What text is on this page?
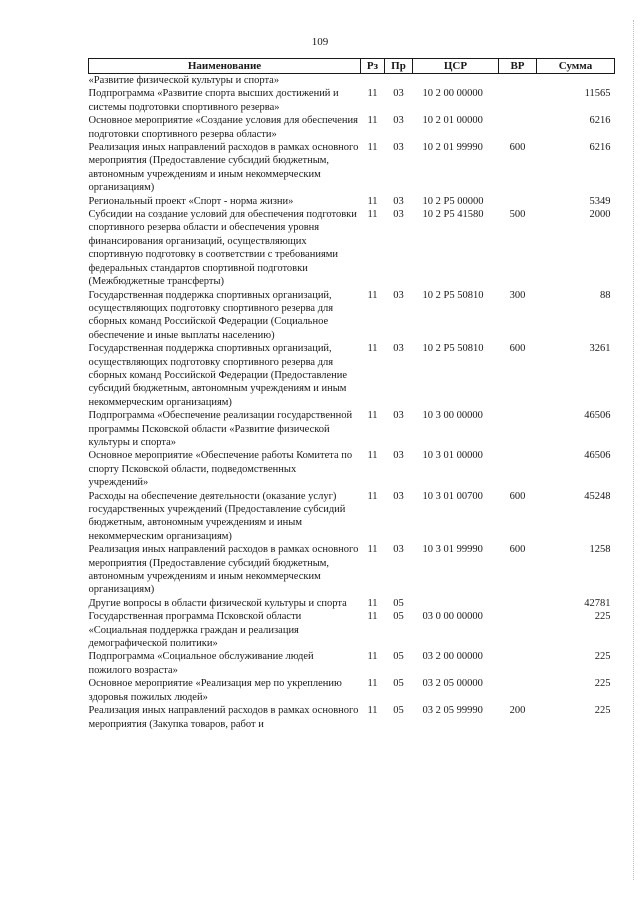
109
Наименование	Рз	Пр	ЦСР	ВР	Сумма
«Развитие физической культуры и спорта»					
Подпрограмма «Развитие спорта высших достижений и системы подготовки спортивного резерва»	11	03	10 2 00 00000		11565
Основное мероприятие «Создание условия для обеспечения подготовки спортивного резерва области»	11	03	10 2 01 00000		6216
Реализация иных направлений расходов в рамках основного мероприятия (Предоставление субсидий бюджетным, автономным учреждениям и иным некоммерческим организациям)	11	03	10 2 01 99990	600	6216
Региональный проект «Спорт - норма жизни»	11	03	10 2 P5 00000		5349
Субсидии на создание условий для обеспечения подготовки спортивного резерва области и обеспечения уровня финансирования организаций, осуществляющих спортивную подготовку в соответствии с требованиями федеральных стандартов спортивной подготовки (Межбюджетные трансферты)	11	03	10 2 P5 41580	500	2000
Государственная поддержка спортивных организаций, осуществляющих подготовку спортивного резерва для сборных команд Российской Федерации (Социальное обеспечение и иные выплаты населению)	11	03	10 2 P5 50810	300	88
Государственная поддержка спортивных организаций, осуществляющих подготовку спортивного резерва для сборных команд Российской Федерации (Предоставление субсидий бюджетным, автономным учреждениям и иным некоммерческим организациям)	11	03	10 2 P5 50810	600	3261
Подпрограмма «Обеспечение реализации государственной программы Псковской области «Развитие физической культуры и спорта»	11	03	10 3 00 00000		46506
Основное мероприятие «Обеспечение работы Комитета по спорту Псковской области, подведомственных учреждений»	11	03	10 3 01 00000		46506
Расходы на обеспечение деятельности (оказание услуг) государственных учреждений (Предоставление субсидий бюджетным, автономным учреждениям и иным некоммерческим организациям)	11	03	10 3 01 00700	600	45248
Реализация иных направлений расходов в рамках основного мероприятия (Предоставление субсидий бюджетным, автономным учреждениям и иным некоммерческим организациям)	11	03	10 3 01 99990	600	1258
Другие вопросы в области физической культуры и спорта	11	05			42781
Государственная программа Псковской области «Социальная поддержка граждан и реализация демографической политики»	11	05	03 0 00 00000		225
Подпрограмма «Социальное обслуживание людей пожилого возраста»	11	05	03 2 00 00000		225
Основное мероприятие «Реализация мер по укреплению здоровья пожилых людей»	11	05	03 2 05 00000		225
Реализация иных направлений расходов в рамках основного мероприятия (Закупка товаров, работ и	11	05	03 2 05 99990	200	225
